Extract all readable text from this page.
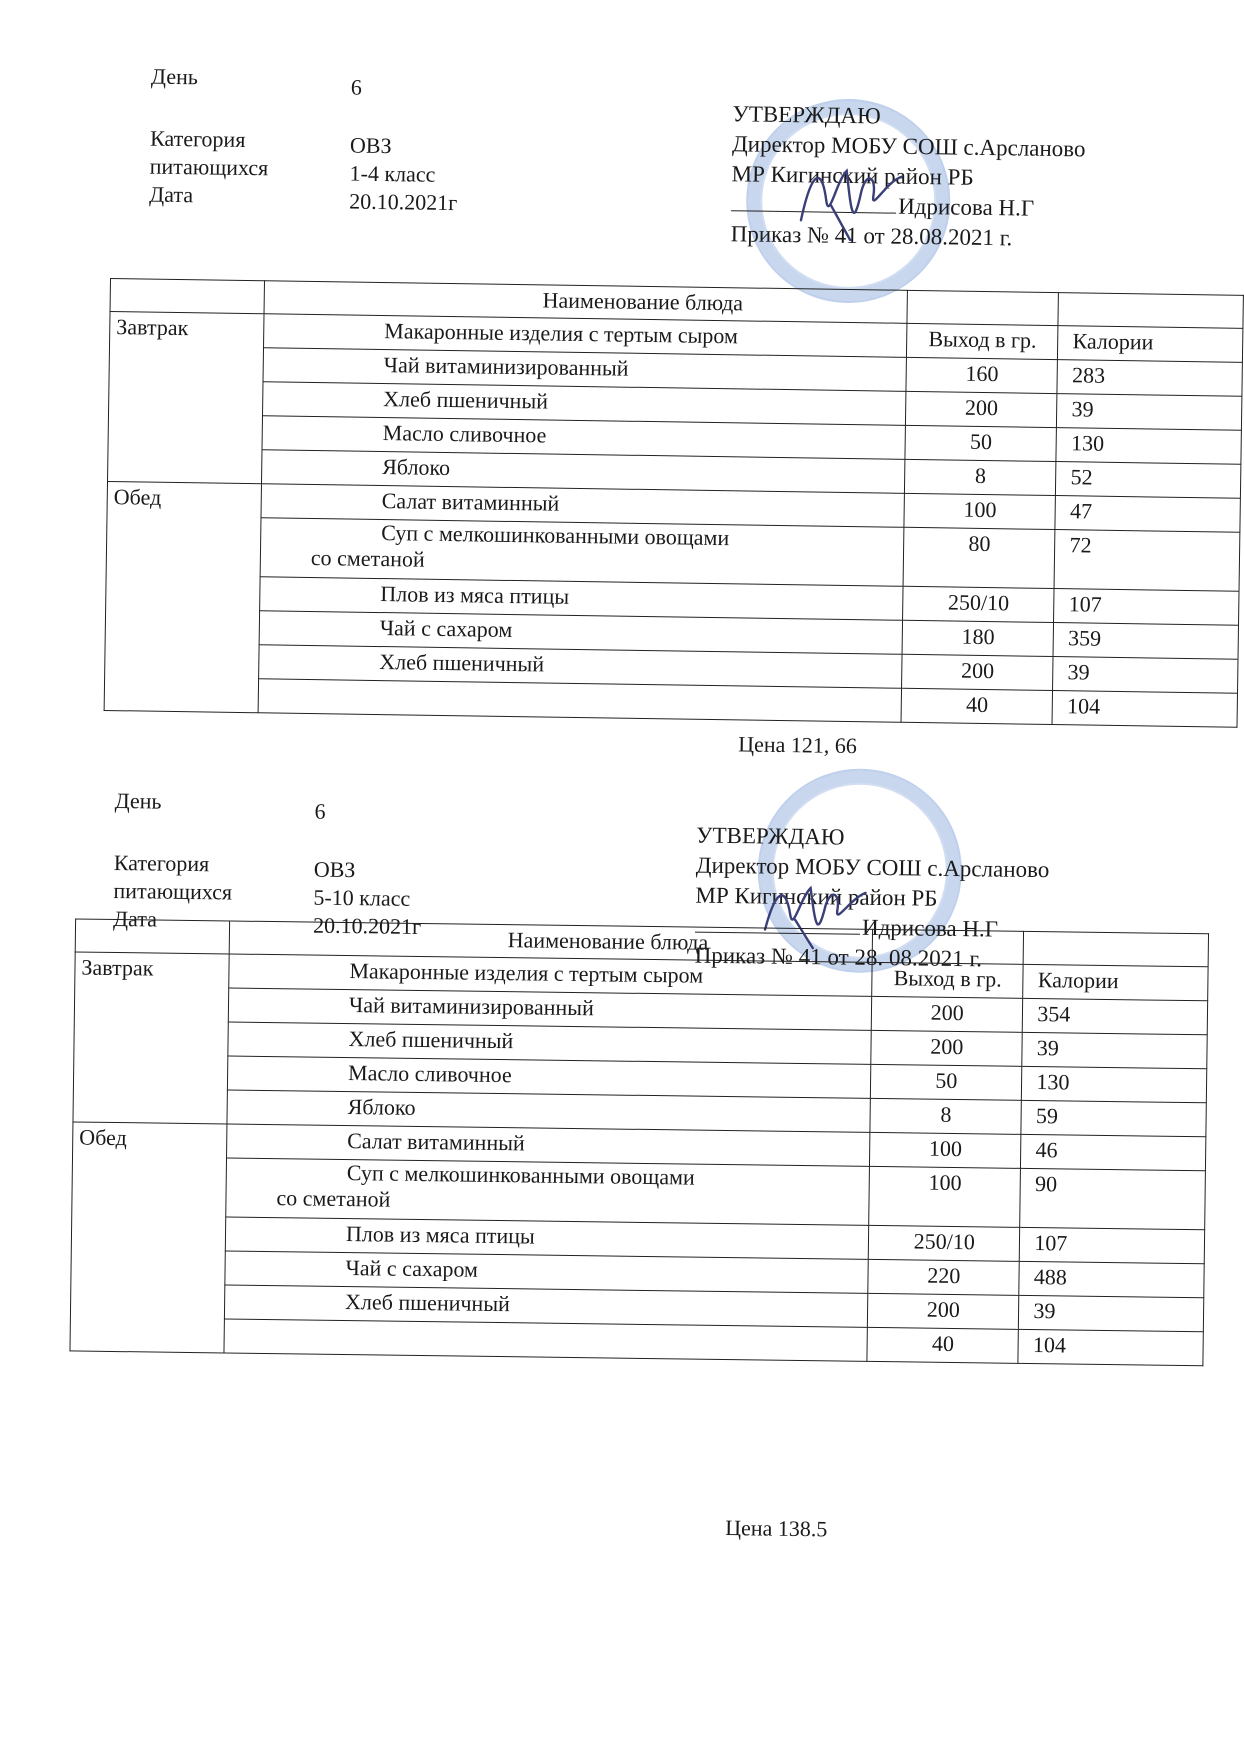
День	6
Категория
питающихся
Дата
ОВЗ
1-4 класс
20.10.2021г
УТВЕРЖДАЮ
Директор МОБУ СОШ с.Арсланово
МР Кигинский район РБ
Идрисова Н.Г
Приказ № 41 от 28.08.2021 г.
	Наименование блюда		
Завтрак	Макаронные изделия с тертым сыром	Выход в гр.	Калории
	Чай витаминизированный	160	283
	Хлеб пшеничный	200	39
	Масло сливочное	50	130
	Яблоко	8	52
Обед	Салат витаминный	100	47

	Суп с мелкошинкованными овощами
со сметаной	80	72
	Плов из мяса птицы	250/10	107
	Чай с сахаром	180	359
	Хлеб пшеничный	200	39
		40	104
Цена 121, 66
День	6
Категория
питающихся
Дата
ОВЗ
5-10 класс
20.10.2021г
УТВЕРЖДАЮ
Директор МОБУ СОШ с.Арсланово
МР Кигинский район РБ
Идрисова Н.Г
Приказ № 41 от 28. 08.2021 г.
	Наименование блюда		
Завтрак	Макаронные изделия с тертым сыром	Выход в гр.	Калории
	Чай витаминизированный	200	354
	Хлеб пшеничный	200	39
	Масло сливочное	50	130
	Яблоко	8	59
Обед	Салат витаминный	100	46

	Суп с мелкошинкованными овощами
со сметаной	100	90
	Плов из мяса птицы	250/10	107
	Чай с сахаром	220	488
	Хлеб пшеничный	200	39
		40	104
Цена 138.5
